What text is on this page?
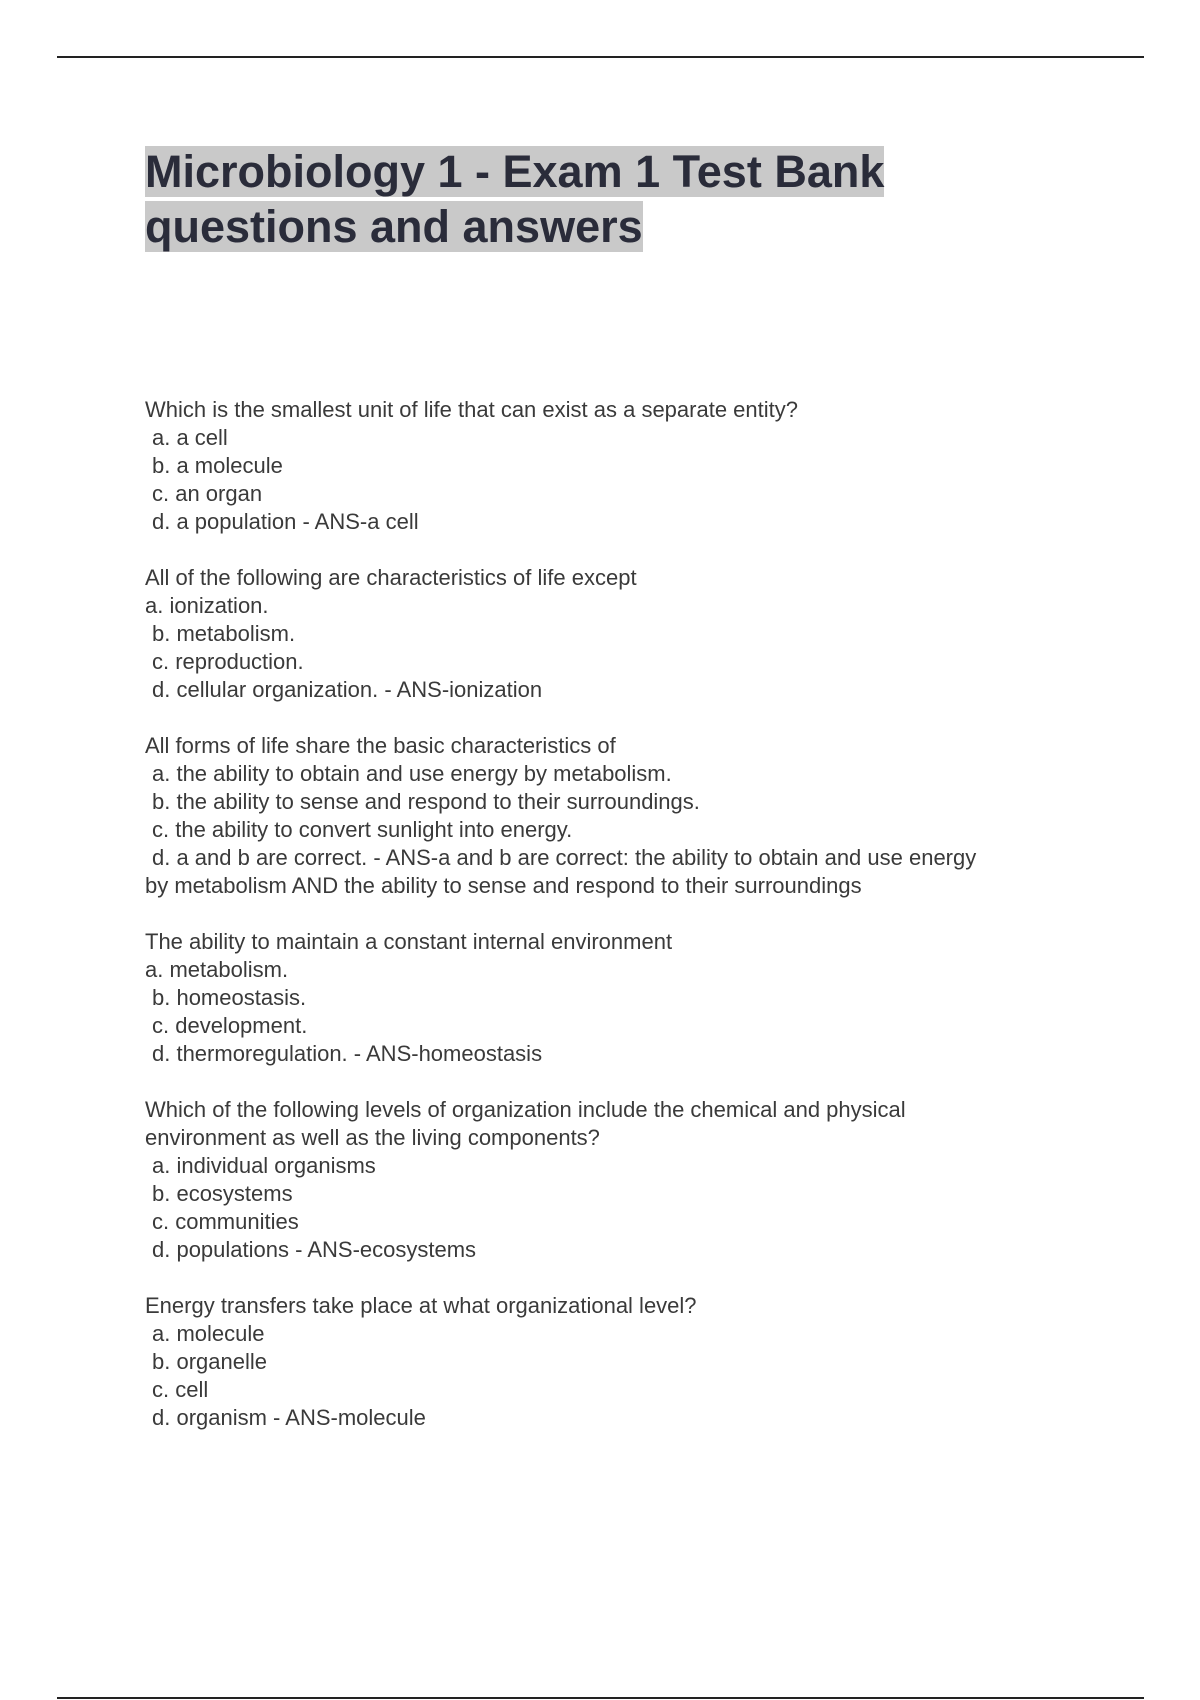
Microbiology 1 - Exam 1 Test Bank questions and answers
Which is the smallest unit of life that can exist as a separate entity?
a. a cell
b. a molecule
c. an organ
d. a population - ANS-a cell
All of the following are characteristics of life except
a. ionization.
b. metabolism.
c. reproduction.
d. cellular organization. - ANS-ionization
All forms of life share the basic characteristics of
a. the ability to obtain and use energy by metabolism.
b. the ability to sense and respond to their surroundings.
c. the ability to convert sunlight into energy.
d. a and b are correct. - ANS-a and b are correct: the ability to obtain and use energy
by metabolism AND the ability to sense and respond to their surroundings
The ability to maintain a constant internal environment
a. metabolism.
b. homeostasis.
c. development.
d. thermoregulation. - ANS-homeostasis
Which of the following levels of organization include the chemical and physical
environment as well as the living components?
a. individual organisms
b. ecosystems
c. communities
d. populations - ANS-ecosystems
Energy transfers take place at what organizational level?
a. molecule
b. organelle
c. cell
d. organism - ANS-molecule
